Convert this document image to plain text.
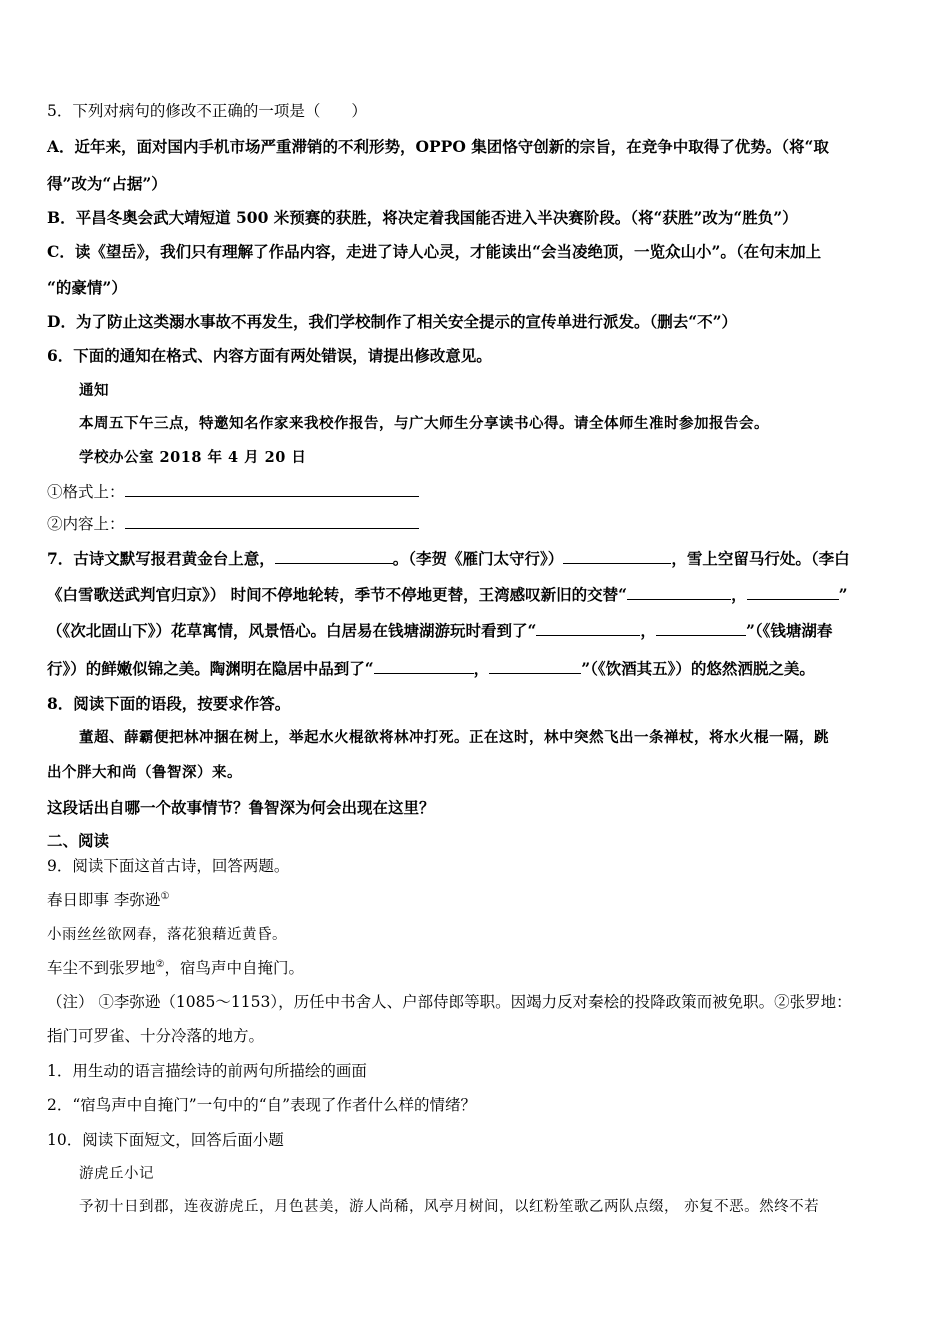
5．下列对病句的修改不正确的一项是（　　）
A．近年来，面对国内手机市场严重滞销的不利形势，OPPO 集团恪守创新的宗旨，在竞争中取得了优势。（将“取
得”改为“占据”）
B．平昌冬奥会武大靖短道 500 米预赛的获胜，将决定着我国能否进入半决赛阶段。（将“获胜”改为“胜负”）
C．读《望岳》，我们只有理解了作品内容，走进了诗人心灵，才能读出“会当凌绝顶，一览众山小”。（在句末加上
“的豪情”）
D．为了防止这类溺水事故不再发生，我们学校制作了相关安全提示的宣传单进行派发。（删去“不”）
6．下面的通知在格式、内容方面有两处错误，请提出修改意见。
通知
本周五下午三点，特邀知名作家来我校作报告，与广大师生分享读书心得。请全体师生准时参加报告会。
学校办公室 2018 年 4 月 20 日
①格式上：
②内容上：
7．古诗文默写报君黄金台上意，	。（李贺《雁门太守行》）	，雪上空留马行处。（李白
《白雪歌送武判官归京》） 时间不停地轮转，季节不停地更替，王湾感叹新旧的交替“	，	”
（《次北固山下》）花草寓情，风景悟心。白居易在钱塘湖游玩时看到了“	，	”（《钱塘湖春
行》）的鲜嫩似锦之美。陶渊明在隐居中品到了“	，	”（《饮酒其五》）的悠然洒脱之美。
8．阅读下面的语段，按要求作答。
董超、薛霸便把林冲捆在树上，举起水火棍欲将林冲打死。正在这时，林中突然飞出一条禅杖，将水火棍一隔，跳
出个胖大和尚（鲁智深）来。
这段话出自哪一个故事情节？鲁智深为何会出现在这里？
二、阅读
9．阅读下面这首古诗，回答两题。
春日即事 李弥逊①
小雨丝丝欲网春，落花狼藉近黄昏。
车尘不到张罗地②，宿鸟声中自掩门。
（注） ①李弥逊（1085～1153），历任中书舍人、户部侍郎等职。因竭力反对秦桧的投降政策而被免职。②张罗地：
指门可罗雀、十分冷落的地方。
1．用生动的语言描绘诗的前两句所描绘的画面
2．“宿鸟声中自掩门”一句中的“自”表现了作者什么样的情绪？
10．阅读下面短文，回答后面小题
游虎丘小记
予初十日到郡，连夜游虎丘，月色甚美，游人尚稀，风亭月树间，以红粉笙歌乙两队点缀， 亦复不恶。然终不若
